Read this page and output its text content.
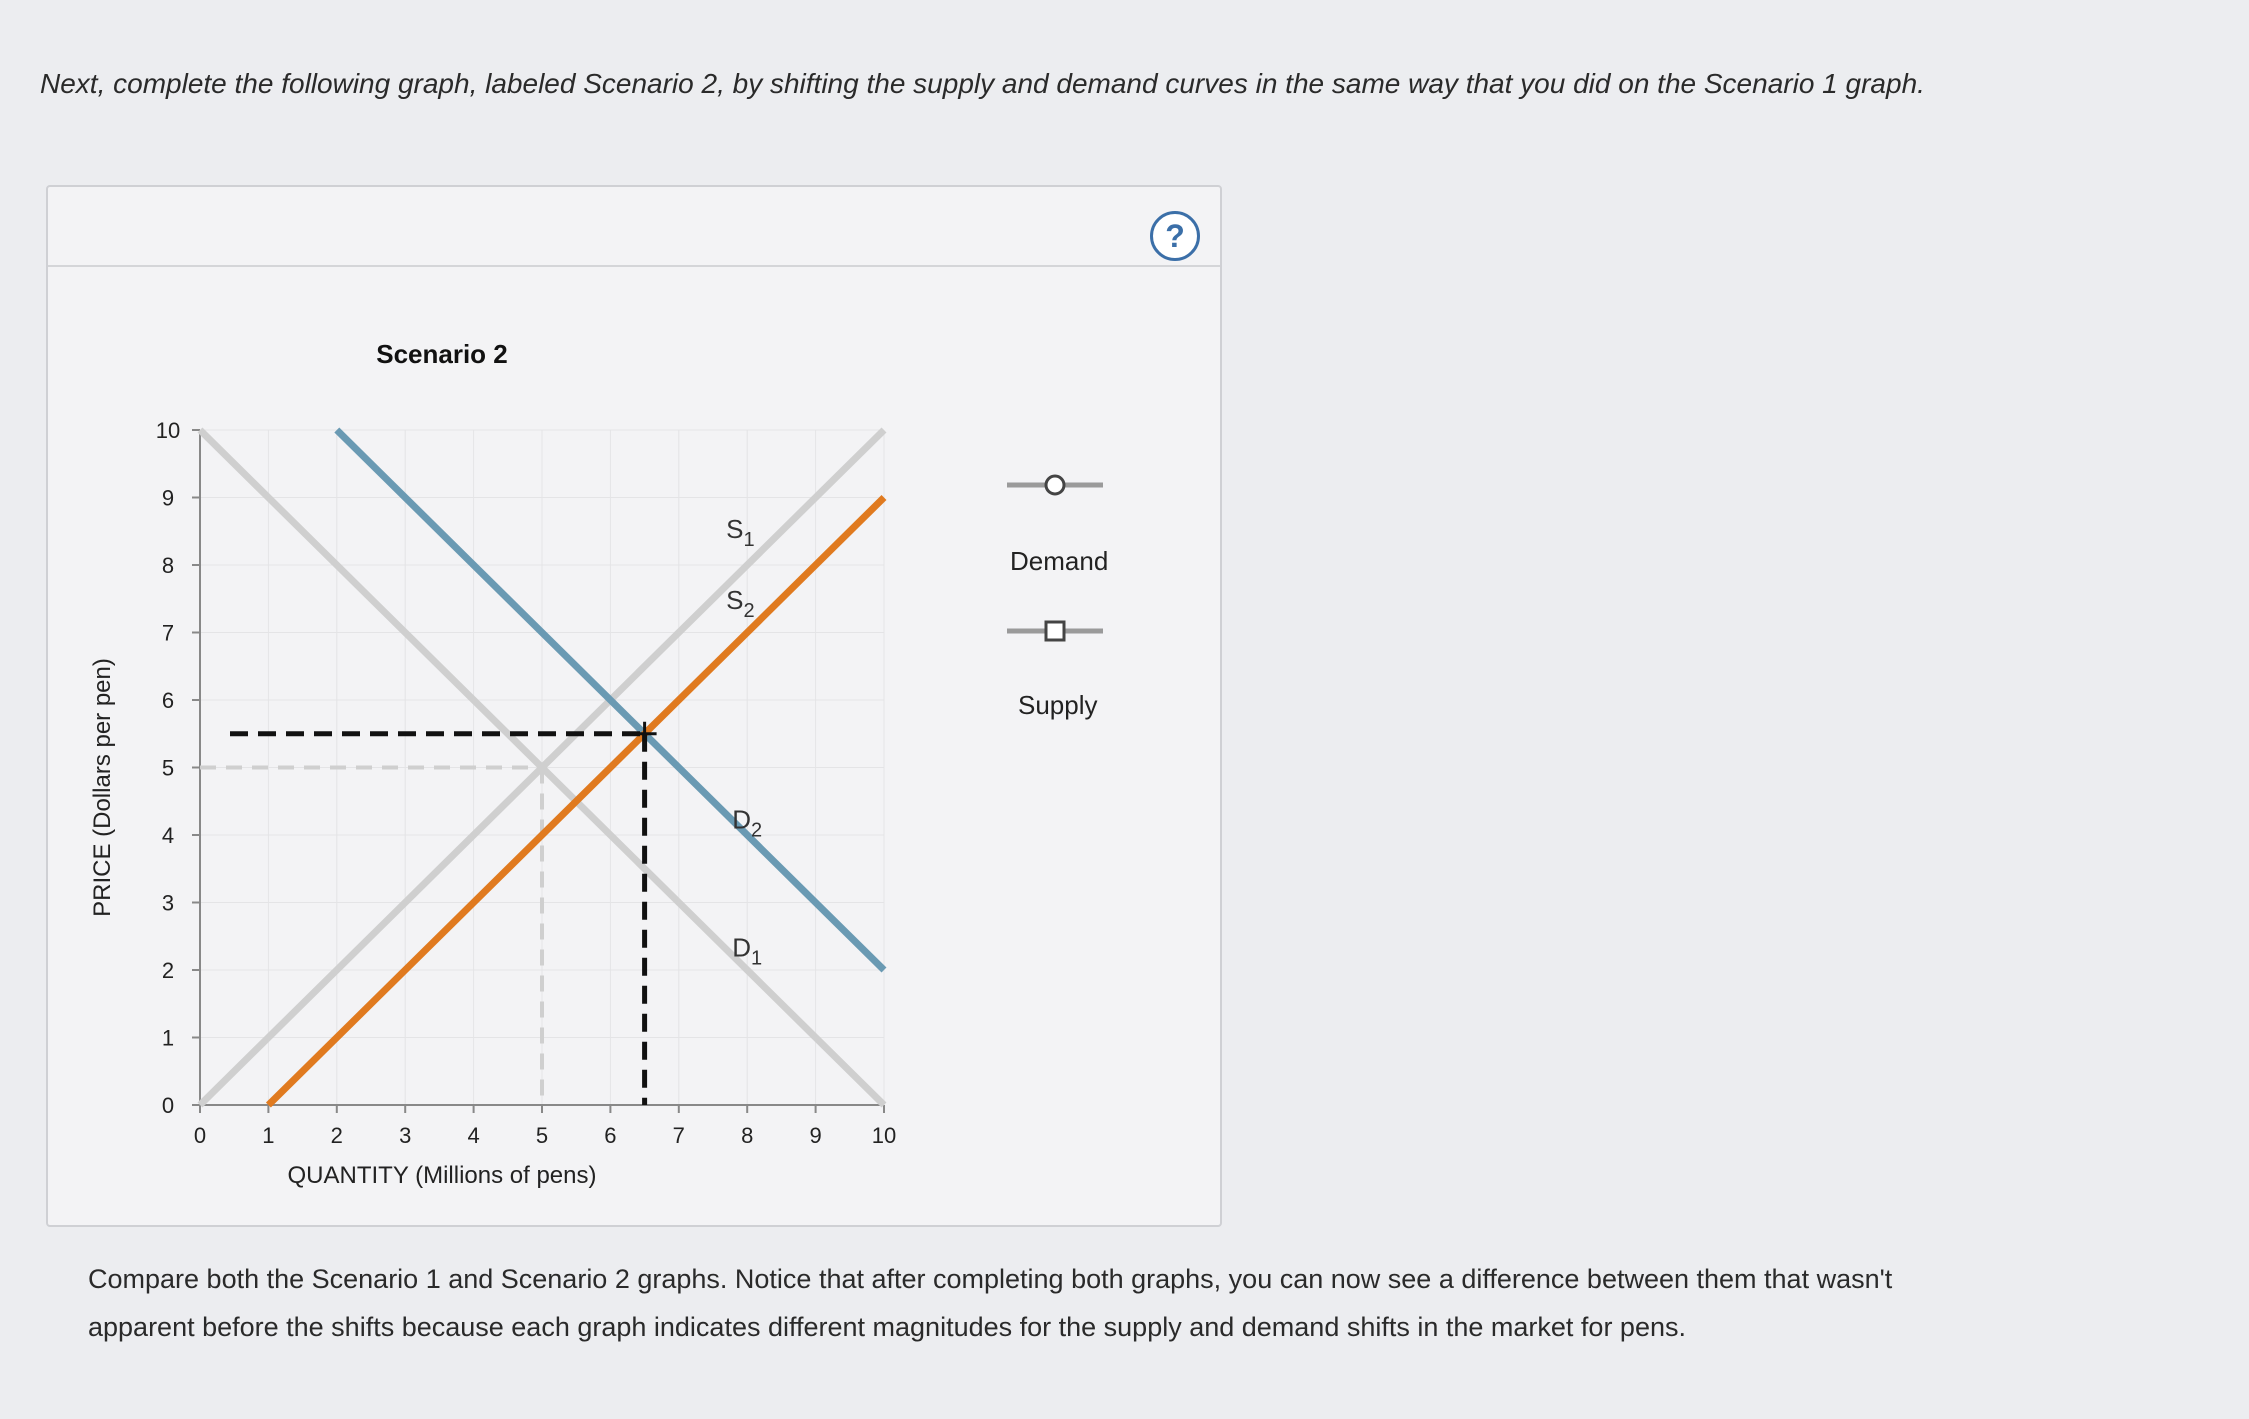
Next, complete the following graph, labeled Scenario 2, by shifting the supply and demand curves in the same way that you did on the Scenario 1 graph.
?
0	1	2	3	4	5	6	7	8	9 10
0
1
2
3
4
5
6
7
8
9
10
Scenario 2
QUANTITY (Millions of pens)
PRICE (Dollars per pen)
$S_1$
$D_1$
$S_2$
$D_2$
Demand
Supply
Compare both the Scenario 1 and Scenario 2 graphs. Notice that after completing both graphs, you can now see a difference between them that wasn't apparent before the shifts because each graph indicates different magnitudes for the supply and demand shifts in the market for pens.
